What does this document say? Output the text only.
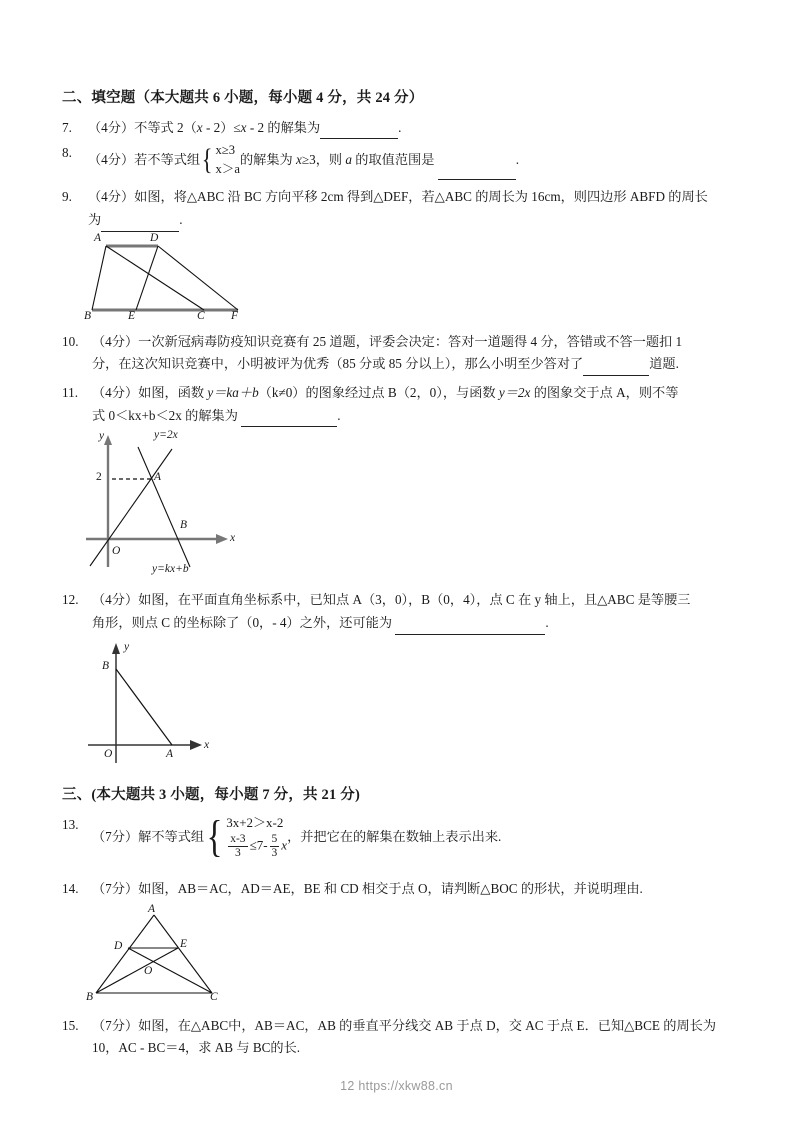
二、填空题（本大题共 6 小题，每小题 4 分，共 24 分）
7.	（4分）不等式 2（x - 2）≤x - 2 的解集为	.
8.	（4分）若不等式组 { x≥3
x＞a
的解集为 x≥3，则 a 的取值范围是	.
9.	（4分）如图，将△ABC 沿 BC 方向平移 2cm 得到△DEF，若△ABC 的周长为 16cm，则四边形 ABFD 的周长
为	.
A	D
B	E	C F
10.	（4分）一次新冠病毒防疫知识竞赛有 25 道题，评委会决定：答对一道题得 4 分，答错或不答一题扣 1
分，在这次知识竞赛中，小明被评为优秀（85 分或 85 分以上），那么小明至少答对了	道题.
11.	（4分）如图，函数 y＝kɑ＋b（k≠0）的图象经过点 B（2，0），与函数 y＝2x 的图象交于点 A，则不等
式 0＜kx+b＜2x 的解集为	.
y
x
O
A
B
2
y=2x
y=kx+b
12.	（4分）如图，在平面直角坐标系中，已知点 A（3，0），B（0，4），点 C 在 y 轴上，且△ABC 是等腰三
角形，则点 C 的坐标除了（0，- 4）之外，还可能为	.
y
x
O	A
B
三、(本大题共 3 小题，每小题 7 分，共 21 分)
13.
（7分）解不等式组 { 3x+2＞x-2
$\frac{x-3}{3} \le 7- \frac{5}{3}$ x
，并把它在的解集在数轴上表示出来.
14.	（7分）如图，AB＝AC，AD＝AE，BE 和 CD 相交于点 O，请判断△BOC 的形状，并说明理由.
A
D	E
O
B	C
15.	（7分）如图，在△ABC中，AB＝AC，AB 的垂直平分线交 AB 于点 D，交 AC 于点 E．已知△BCE 的周长为
10，AC - BC＝4，求 AB 与 BC的长.
12 https://xkw88.cn
